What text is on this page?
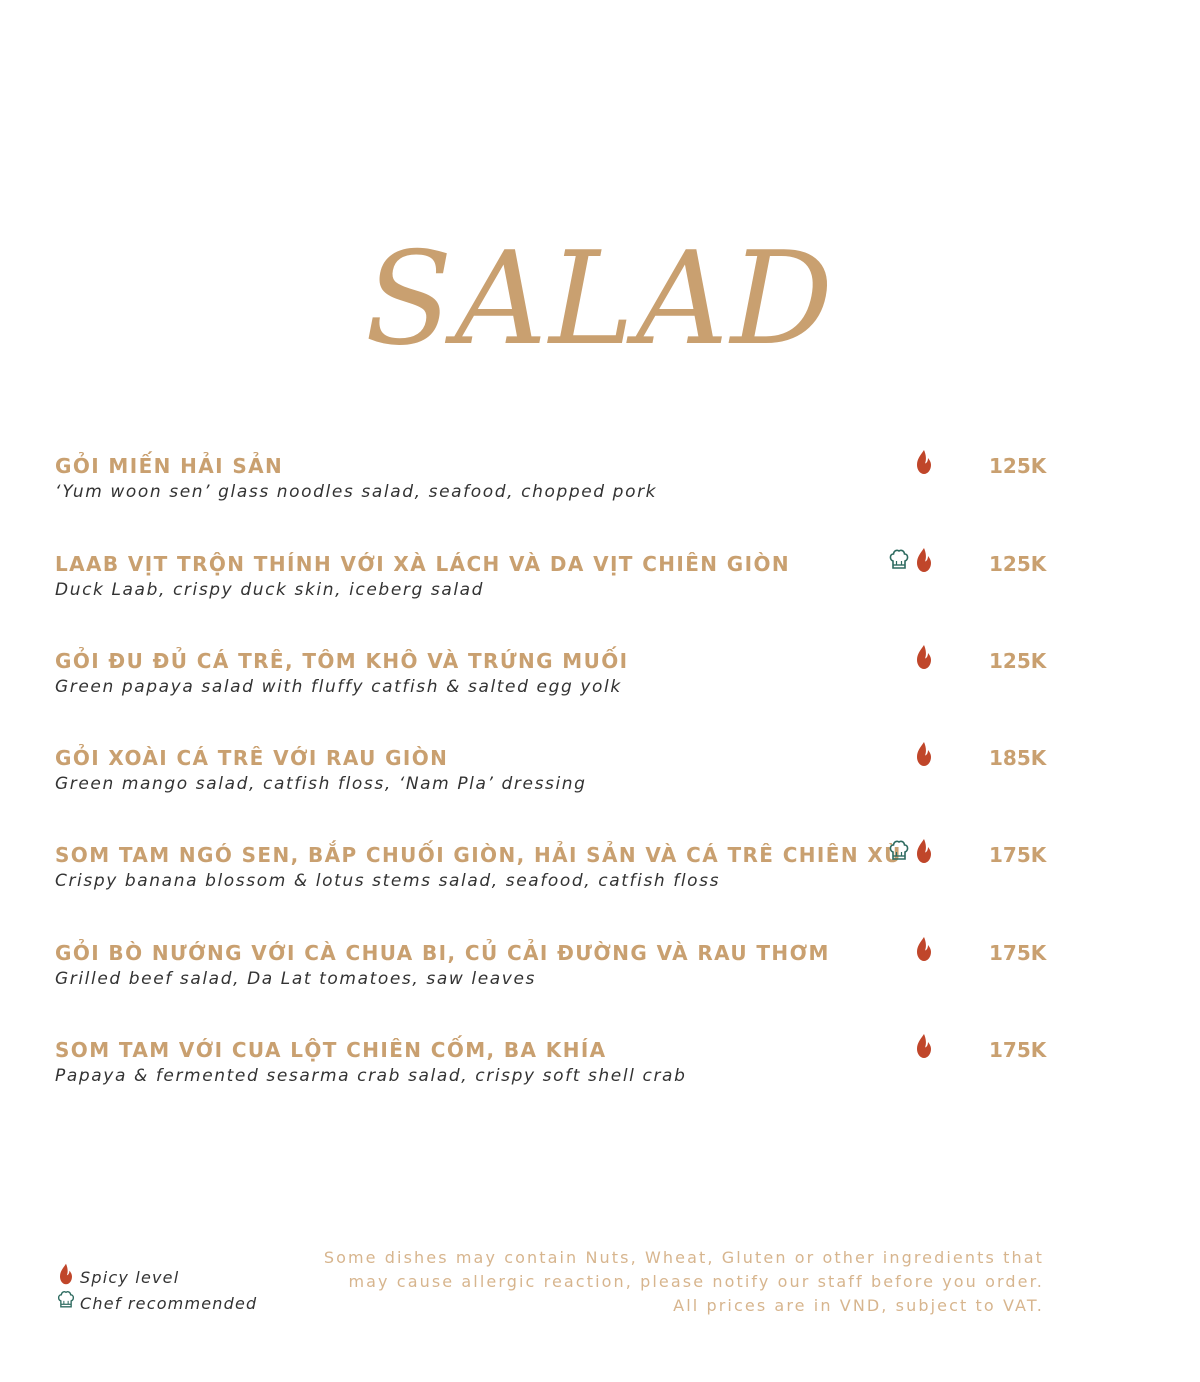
SALAD
GỎI MIẾN HẢI SẢN
‘Yum woon sen’ glass noodles salad, seafood, chopped pork
125K
LAAB VỊT TRỘN THÍNH VỚI XÀ LÁCH VÀ DA VỊT CHIÊN GIÒN
Duck Laab, crispy duck skin, iceberg salad
125K
GỎI ĐU ĐỦ CÁ TRÊ, TÔM KHÔ VÀ TRỨNG MUỐI
Green papaya salad with fluffy catfish & salted egg yolk
125K
GỎI XOÀI CÁ TRÊ VỚI RAU GIÒN
Green mango salad, catfish floss, ‘Nam Pla’ dressing
185K
SOM TAM NGÓ SEN, BẮP CHUỐI GIÒN, HẢI SẢN VÀ CÁ TRÊ CHIÊN XÙ
Crispy banana blossom & lotus stems salad, seafood, catfish floss
175K
GỎI BÒ NƯỚNG VỚI CÀ CHUA BI, CỦ CẢI ĐƯỜNG VÀ RAU THƠM
Grilled beef salad, Da Lat tomatoes, saw leaves
175K
SOM TAM VỚI CUA LỘT CHIÊN CỐM, BA KHÍA
Papaya & fermented sesarma crab salad, crispy soft shell crab
175K
Spicy level
Chef recommended
Some dishes may contain Nuts, Wheat, Gluten or other ingredients that
may cause allergic reaction, please notify our staff before you order.
All prices are in VND, subject to VAT.
